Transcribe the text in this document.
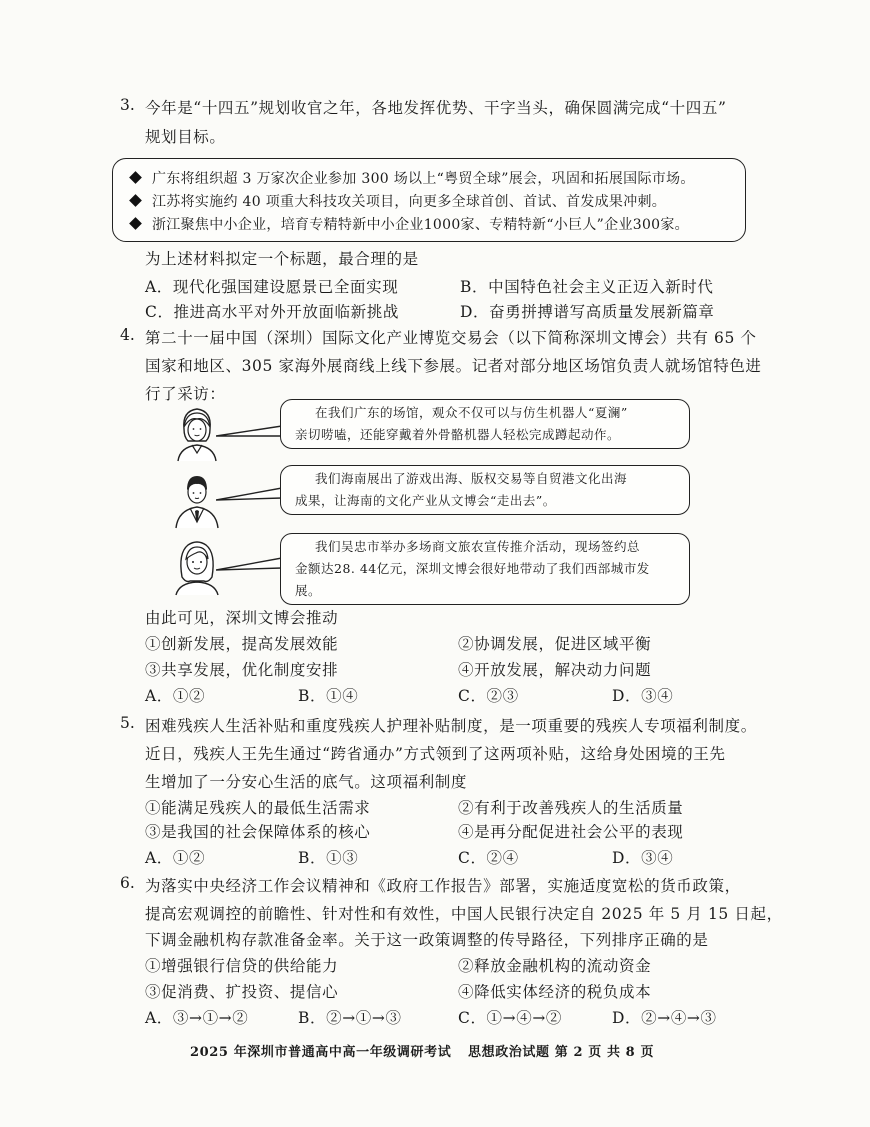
3. 今年是“十四五”规划收官之年，各地发挥优势、干字当头，确保圆满完成“十四五”
规划目标。
广东将组织超 3 万家次企业参加 300 场以上“粤贸全球”展会，巩固和拓展国际市场。
江苏将实施约 40 项重大科技攻关项目，向更多全球首创、首试、首发成果冲刺。
浙江聚焦中小企业，培育专精特新中小企业1000家、专精特新“小巨人”企业300家。
为上述材料拟定一个标题，最合理的是
A．现代化强国建设愿景已全面实现	B．中国特色社会主义正迈入新时代
C．推进高水平对外开放面临新挑战	D．奋勇拼搏谱写高质量发展新篇章
4. 第二十一届中国（深圳）国际文化产业博览交易会（以下简称深圳文博会）共有 65 个
国家和地区、305 家海外展商线上线下参展。记者对部分地区场馆负责人就场馆特色进
行了采访：
在我们广东的场馆，观众不仅可以与仿生机器人“夏澜”
亲切唠嗑，还能穿戴着外骨骼机器人轻松完成蹲起动作。
我们海南展出了游戏出海、版权交易等自贸港文化出海
成果，让海南的文化产业从文博会“走出去”。
我们吴忠市举办多场商文旅农宣传推介活动，现场签约总
金额达28. 44亿元，深圳文博会很好地带动了我们西部城市发展。
由此可见，深圳文博会推动
①创新发展，提高发展效能	②协调发展，促进区域平衡
③共享发展，优化制度安排	④开放发展，解决动力问题
A．①②	B．①④	C．②③	D．③④
5. 困难残疾人生活补贴和重度残疾人护理补贴制度，是一项重要的残疾人专项福利制度。
近日，残疾人王先生通过“跨省通办”方式领到了这两项补贴，这给身处困境的王先
生增加了一分安心生活的底气。这项福利制度
①能满足残疾人的最低生活需求	②有利于改善残疾人的生活质量
③是我国的社会保障体系的核心	④是再分配促进社会公平的表现
A．①②	B．①③	C．②④	D．③④
6. 为落实中央经济工作会议精神和《政府工作报告》部署，实施适度宽松的货币政策，
提高宏观调控的前瞻性、针对性和有效性，中国人民银行决定自 2025 年 5 月 15 日起，
下调金融机构存款准备金率。关于这一政策调整的传导路径，下列排序正确的是
①增强银行信贷的供给能力	②释放金融机构的流动资金
③促消费、扩投资、提信心	④降低实体经济的税负成本
A．③→①→②	B．②→①→③	C．①→④→②	D．②→④→③
2025 年深圳市普通高中高一年级调研考试 思想政治试题 第 2 页 共 8 页
